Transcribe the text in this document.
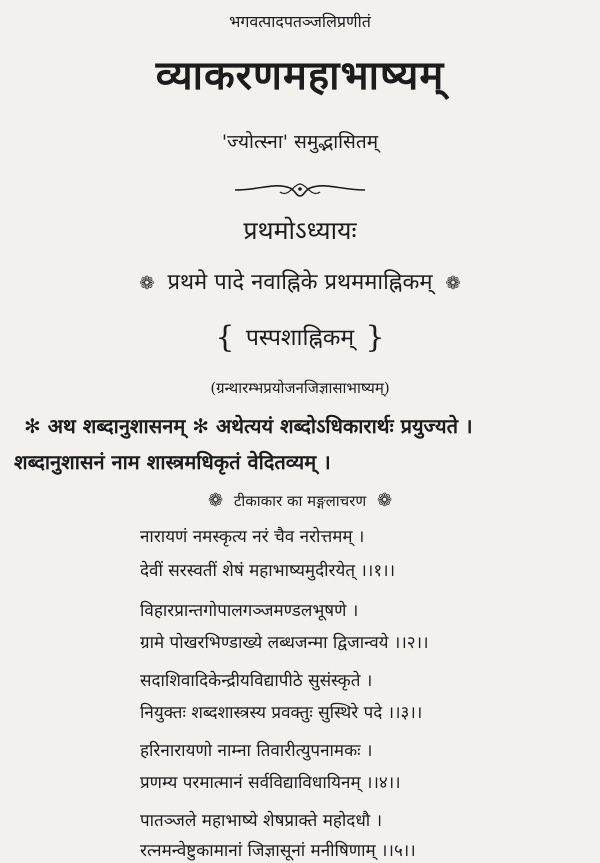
भगवत्पादपतञ्जलिप्रणीतं
व्याकरणमहाभाष्यम्
'ज्योत्स्ना' समुद्भासितम्
प्रथमोऽध्यायः
❁ प्रथमे पादे नवाह्निके प्रथममाह्निकम् ❁
{ पस्पशाह्निकम् }
(ग्रन्थारम्भप्रयोजनजिज्ञासाभाष्यम्)
✻ अथ शब्दानुशासनम् ✻ अथेत्ययं शब्दोऽधिकारार्थः प्रयुज्यते ।
शब्दानुशासनं नाम शास्त्रमधिकृतं वेदितव्यम् ।
❁ टीकाकार का मङ्गलाचरण ❁
नारायणं नमस्कृत्य नरं चैव नरोत्तमम् ।
देवीं सरस्वतीं शेषं महाभाष्यमुदीरयेत् ।।१।।
विहारप्रान्तगोपालगञ्जमण्डलभूषणे ।
ग्रामे पोखरभिण्डाख्ये लब्धजन्मा द्विजान्वये ।।२।।
सदाशिवादिकेन्द्रीयविद्यापीठे सुसंस्कृते ।
नियुक्तः शब्दशास्त्रस्य प्रवक्तुः सुस्थिरे पदे ।।३।।
हरिनारायणो नाम्ना तिवारीत्युपनामकः ।
प्रणम्य परमात्मानं सर्वविद्याविधायिनम् ।।४।।
पातञ्जले महाभाष्ये शेषप्राक्ते महोदधौ ।
रत्नमन्वेष्टुकामानां जिज्ञासूनां मनीषिणाम् ।।५।।
